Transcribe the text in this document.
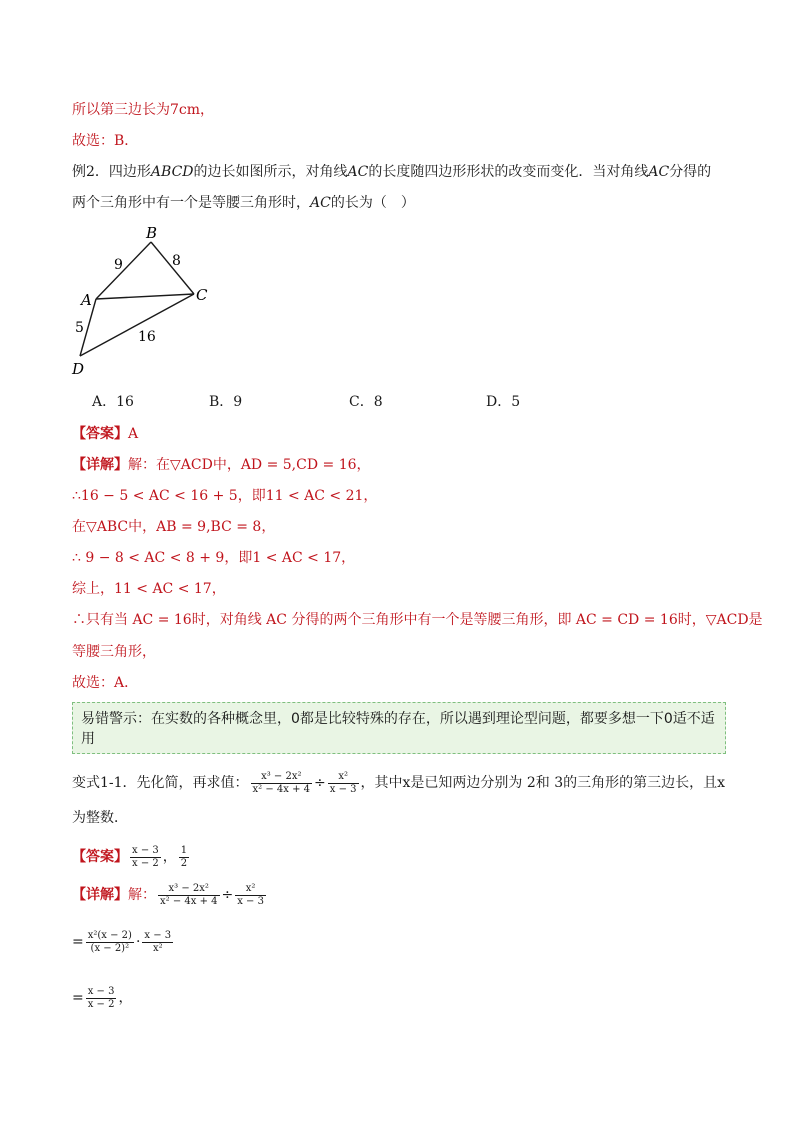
所以第三边长为7cm，
故选：B．
例2．四边形ABCD的边长如图所示，对角线AC的长度随四边形形状的改变而变化．当对角线AC分得的
两个三角形中有一个是等腰三角形时，AC的长为（　）
B
A	C
D
9	8
5
16
A．16	B．9	C．8	D．5
【答案】A
【详解】解：在▽ACD中，AD = 5,CD = 16，
∴16 − 5 < AC < 16 + 5，即11 < AC < 21，
在▽ABC中，AB = 9,BC = 8，
∴ 9 − 8 < AC < 8 + 9，即1 < AC < 17，
综上，11 < AC < 17，
∴只有当 AC = 16时，对角线 AC 分得的两个三角形中有一个是等腰三角形，即 AC = CD = 16时，▽ACD是
等腰三角形，
故选：A．
易错警示：在实数的各种概念里，0都是比较特殊的存在，所以遇到理论型问题，都要多想一下0适不适用
变式1-1．先化简，再求值： $\frac{\text{x³ − 2x²}}{\text{x² − 4x + 4}} \div \frac{\text{x²}}{x - 3}$ ，其中x是已知两边分别为 2和 3的三角形的第三边长，且x
为整数．
【答案】 $\frac{x - 3}{x - 2}$ ， $\frac{1}{2}$
【详解】解： $\frac{\text{x³ − 2x²}}{\text{x² − 4x + 4}} \div \frac{\text{x²}}{x - 3}$
= $\frac{\text{x²(x − 2)}}{\text{(x − 2)²}} \cdot \frac{x - 3}{\text{x²}}$
= $\frac{x - 3}{x - 2}$ ，
